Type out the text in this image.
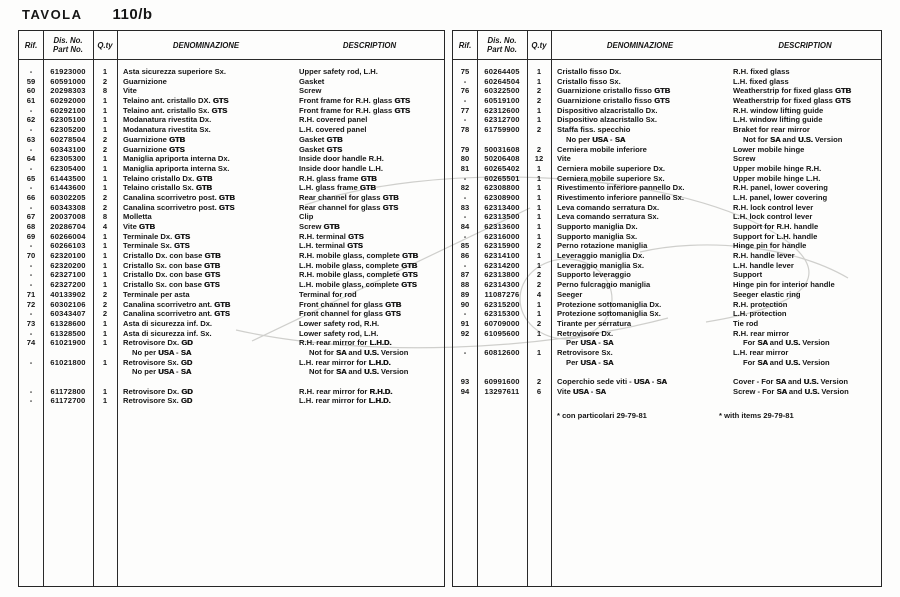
TAVOLA 110/b
Rif. Dis. No.
Part No. Q.ty	DENOMINAZIONE	DESCRIPTION
-	61923000	1	Asta sicurezza superiore Sx.	Upper safety rod, L.H.
59	60591000	2	Guarnizione	Gasket
60	20298303	8	Vite	Screw
61	60292000	1	Telaino ant. cristallo DX. GTS	Front frame for R.H. glass GTS
-	60292100	1	Telaino ant. cristallo Sx. GTS	Front frame for R.H. glass GTS
62	62305100	1	Modanatura rivestita Dx.	R.H. covered panel
-	62305200	1	Modanatura rivestita Sx.	L.H. covered panel
63	60278504	2	Guarnizione GTB	Gasket GTB
-	60343100	2	Guarnizione GTS	Gasket GTS
64	62305300	1	Maniglia apriporta interna Dx.	Inside door handle R.H.
-	62305400	1	Maniglia apriporta interna Sx.	Inside door handle L.H.
65	61443500	1	Telaino cristallo Dx. GTB	R.H. glass frame GTB
-	61443600	1	Telaino cristallo Sx. GTB	L.H. glass frame GTB
66	60302205	2	Canalina scorrivetro post. GTB	Rear channel for glass GTB
-	60343308	2	Canalina scorrivetro post. GTS	Rear channel for glass GTS
67	20037008	8	Molletta	Clip
68	20286704	4	Vite GTB	Screw GTB
69	60266004	1	Terminale Dx. GTS	R.H. terminal GTS
-	60266103	1	Terminale Sx. GTS	L.H. terminal GTS
70	62320100	1	Cristallo Dx. con base GTB	R.H. mobile glass, complete GTB
-	62320200	1	Cristallo Sx. con base GTB	L.H. mobile glass, complete GTB
-	62327100	1	Cristallo Dx. con base GTS	R.H. mobile glass, complete GTS
-	62327200	1	Cristallo Sx. con base GTS	L.H. mobile glass, complete GTS
71	40133902	2	Terminale per asta	Terminal for rod
72	60302106	2	Canalina scorrivetro ant. GTB	Front channel for glass GTB
-	60343407	2	Canalina scorrivetro ant. GTS	Front channel for glass GTS
73	61328600	1	Asta di sicurezza inf. Dx.	Lower safety rod, R.H.
-	61328500	1	Asta di sicurezza inf. Sx.	Lower safety rod, L.H.
74	61021900	1	Retrovisore Dx. GD	R.H. rear mirror for L.H.D.
No per USA - SA	Not for SA and U.S. Version
-	61021800	1	Retrovisore Sx. GD	L.H. rear mirror for L.H.D.
No per USA - SA	Not for SA and U.S. Version
-	61172800	1	Retrovisore Dx. GD	R.H. rear mirror for R.H.D.
-	61172700	1	Retrovisore Sx. GD	L.H. rear mirror for L.H.D.
Rif. Dis. No.
Part No. Q.ty	DENOMINAZIONE	DESCRIPTION
75	60264405	1	Cristallo fisso Dx.	R.H. fixed glass
-	60264504	1	Cristallo fisso Sx.	L.H. fixed glass
76	60322500	2	Guarnizione cristallo fisso GTB	Weatherstrip for fixed glass GTB
-	60519100	2	Guarnizione cristallo fisso GTS	Weatherstrip for fixed glass GTS
77	62312600	1	Dispositivo alzacristallo Dx.	R.H. window lifting guide
-	62312700	1	Dispositivo alzacristallo Sx.	L.H. window lifting guide
78	61759900	2	Staffa fiss. specchio	Braket for rear mirror
No per USA - SA	Not for SA and U.S. Version
79	50031608	2	Cerniera mobile inferiore	Lower mobile hinge
80	50206408	12	Vite	Screw
81	60265402	1	Cerniera mobile superiore Dx.	Upper mobile hinge R.H.
-	60265501	1	Cerniera mobile superiore Sx.	Upper mobile hinge L.H.
82	62308800	1	Rivestimento inferiore pannello Dx.	R.H. panel, lower covering
-	62308900	1	Rivestimento inferiore pannello Sx.	L.H. panel, lower covering
83	62313400	1	Leva comando serratura Dx.	R.H. lock control lever
-	62313500	1	Leva comando serratura Sx.	L.H. lock control lever
84	62313600	1	Supporto maniglia Dx.	Support for R.H. handle
-	62316000	1	Supporto maniglia Sx.	Support for L.H. handle
85	62315900	2	Perno rotazione maniglia	Hinge pin for handle
86	62314100	1	Leveraggio maniglia Dx.	R.H. handle lever
-	62314200	1	Leveraggio maniglia Sx.	L.H. handle lever
87	62313800	2	Supporto leveraggio	Support
88	62314300	2	Perno fulcraggio maniglia	Hinge pin for interior handle
89	11087276	4	Seeger	Seeger elastic ring
90	62315200	1	Protezione sottomaniglia Dx.	R.H. protection
-	62315300	1	Protezione sottomaniglia Sx.	L.H. protection
91	60709000	2	Tirante per serratura	Tie rod
92	61095600	1	Retrovisore Dx.	R.H. rear mirror
Per USA - SA	For SA and U.S. Version
-	60812600	1	Retrovisore Sx.	L.H. rear mirror
Per USA - SA	For SA and U.S. Version
93	60991600	2	Coperchio sede viti - USA - SA	Cover - For SA and U.S. Version
94	13297611	6	Vite USA - SA	Screw - For SA and U.S. Version
* con particolari 29-79-81	* with items 29-79-81
